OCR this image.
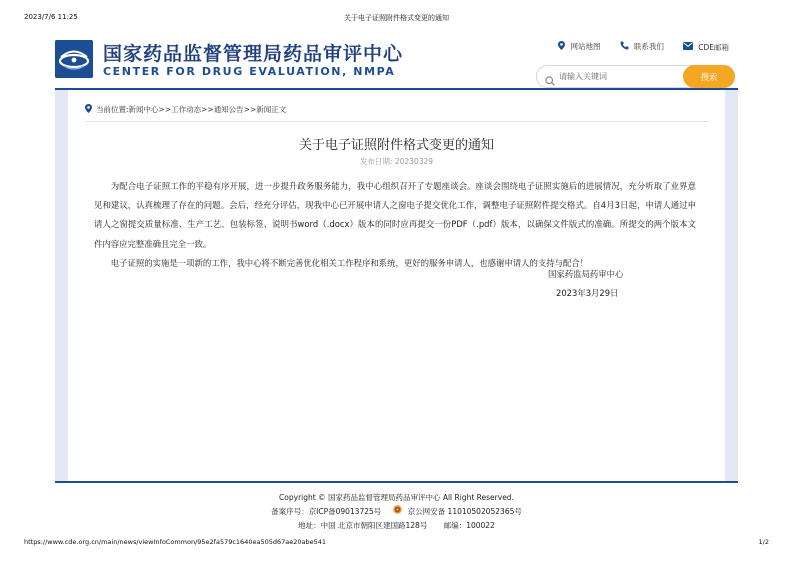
2023/7/6 11:25	关于电子证照附件格式变更的通知
国家药品监督管理局药品审评中心
CENTER FOR DRUG EVALUATION, NMPA
网站地图
	联系我们
	CDE邮箱
请输入关键词
搜索
当前位置: 新闻中心 >> 工作动态 >> 通知公告 >> 新闻正文
关于电子证照附件格式变更的通知
发布日期: 20230329

为配合电子证照工作的平稳有序开展，进一步提升政务服务能力，我中心组织召开了专题座谈会。座谈会围绕电子证照实施后的进展情况，充分听取了业界意见和建议，认真梳理了存在的问题。会后，经充分评估，现我中心已开展申请人之窗电子提交优化工作，调整电子证照附件提交格式。自4月3日起，申请人通过申请人之窗提交质量标准、生产工艺、包装标签、说明书word（.docx）版本的同时应再提交一份PDF（.pdf）版本，以确保文件版式的准确。所提交的两个版本文件内容应完整准确且完全一致。

电子证照的实施是一项新的工作，我中心将不断完善优化相关工作程序和系统，更好的服务申请人，也感谢申请人的支持与配合！

国家药监局药审中心
2023年3月29日
Copyright © 国家药品监督管理局药品审评中心 All Right Reserved.
备案序号：京ICP备09013725号	京公网安备 11010502052365号
地址：中国 北京市朝阳区建国路128号 邮编：100022
https://www.cde.org.cn/main/news/viewInfoCommon/95e2fa579c1640ea505d67ae20abe541	1/2
